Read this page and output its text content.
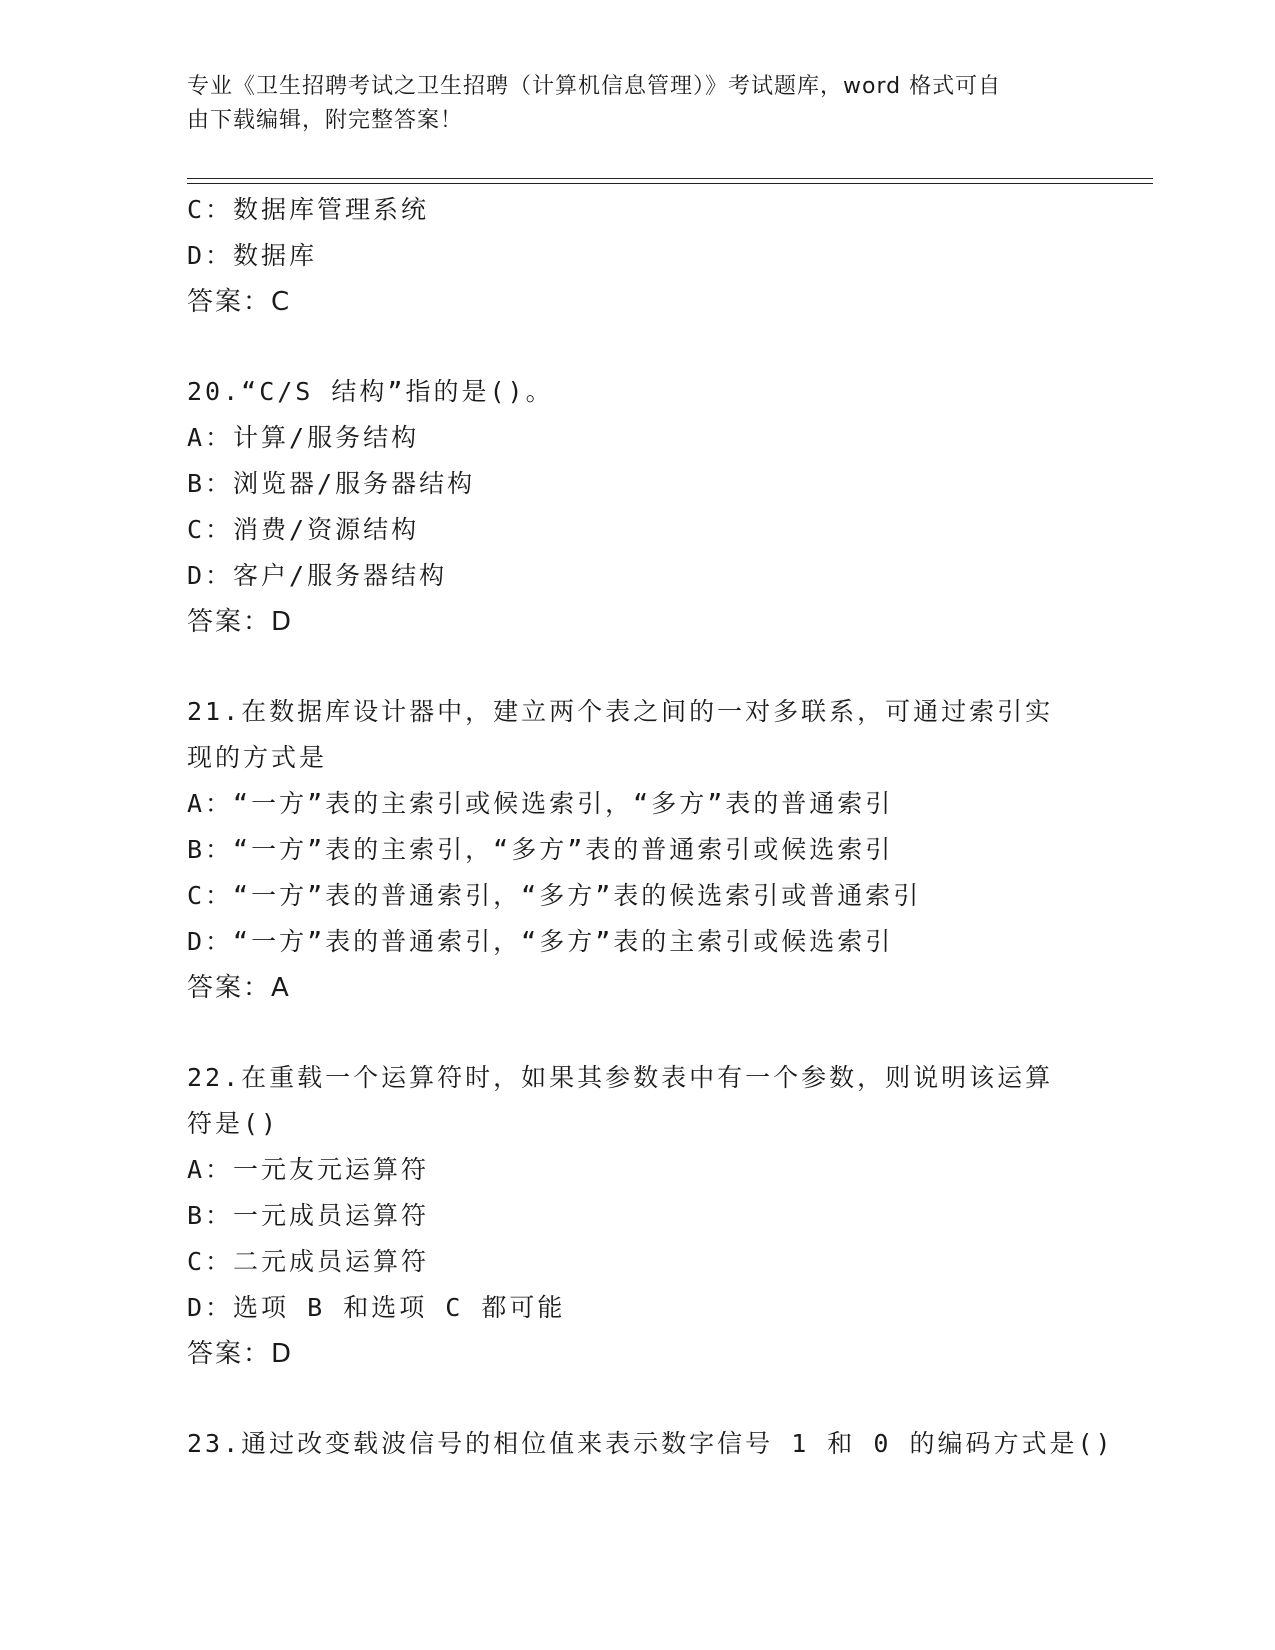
专业《卫生招聘考试之卫生招聘（计算机信息管理）》考试题库，word 格式可自
由下载编辑，附完整答案！
C：数据库管理系统
D：数据库
答案：C
20.“C/S 结构”指的是()。
A：计算/服务结构
B：浏览器/服务器结构
C：消费/资源结构
D：客户/服务器结构
答案：D
21.在数据库设计器中，建立两个表之间的一对多联系，可通过索引实
现的方式是
A：“一方”表的主索引或候选索引，“多方”表的普通索引
B：“一方”表的主索引，“多方”表的普通索引或候选索引
C：“一方”表的普通索引，“多方”表的候选索引或普通索引
D：“一方”表的普通索引，“多方”表的主索引或候选索引
答案：A
22.在重载一个运算符时，如果其参数表中有一个参数，则说明该运算
符是()
A：一元友元运算符
B：一元成员运算符
C：二元成员运算符
D：选项 B 和选项 C 都可能
答案：D
23.通过改变载波信号的相位值来表示数字信号 1 和 0 的编码方式是()
